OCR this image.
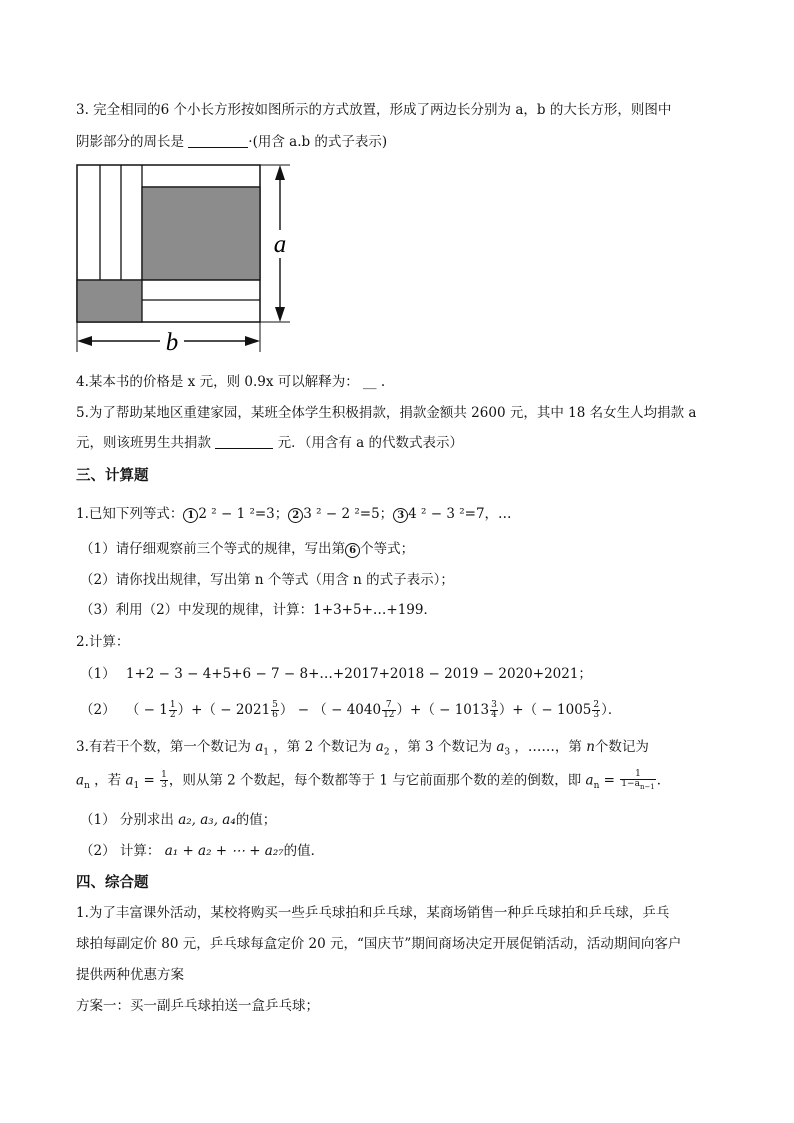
3. 完全相同的6 个小长方形按如图所示的方式放置，形成了两边长分别为 a，b 的大长方形，则图中
阴影部分的周长是	·(用含 a.b 的式子表示)
a
b
4.某本书的价格是 x 元，则 0.9x 可以解释为： __ .
5.为了帮助某地区重建家园，某班全体学生积极捐款，捐款金额共 2600 元，其中 18 名女生人均捐款 a
元，则该班男生共捐款	元．（用含有 a 的代数式表示）
三、计算题
1.已知下列等式： 1 2 ² − 1 ²=3； 2 3 ² − 2 ²=5； 3 4 ² − 3 ²=7，…
（1）请仔细观察前三个等式的规律，写出第 6 个等式；
（2）请你找出规律，写出第 n 个等式（用含 n 的式子表示）；
（3）利用（2）中发现的规律，计算：1+3+5+…+199．
2.计算：
（1） 1+2 − 3 − 4+5+6 − 7 − 8+…+2017+2018 − 2019 − 2020+2021；
（2） （ − $1 \frac{1}{2}$ ）+（ − $2021 \frac{5}{6}$ ） − （ − $4040 \frac{7}{12}$ ）+（ − $1013 \frac{3}{4}$ ）+（ − $1005 \frac{2}{3}$ ）．
3.有若干个数，第一个数记为 $a_1$ ，第 2 个数记为 $a_2$ ，第 3 个数记为 $a_3$ ，……，第 n个数记为
$a_n$ ，若 $a_1 = \frac{1}{3}$ ，则从第 2 个数起，每个数都等于 1 与它前面那个数的差的倒数，即 $a_n = \frac{1}{1-a_{n-1}}$ ．
（1） 分别求出 a₂, a₃, a₄的值；
（2） 计算： a₁ + a₂ + ⋯ + a₂₇的值．
四、综合题
1.为了丰富课外活动，某校将购买一些乒乓球拍和乒乓球，某商场销售一种乒乓球拍和乒乓球，乒乓
球拍每副定价 80 元，乒乓球每盒定价 20 元，“国庆节”期间商场决定开展促销活动，活动期间向客户
提供两种优惠方案
方案一：买一副乒乓球拍送一盒乒乓球；
